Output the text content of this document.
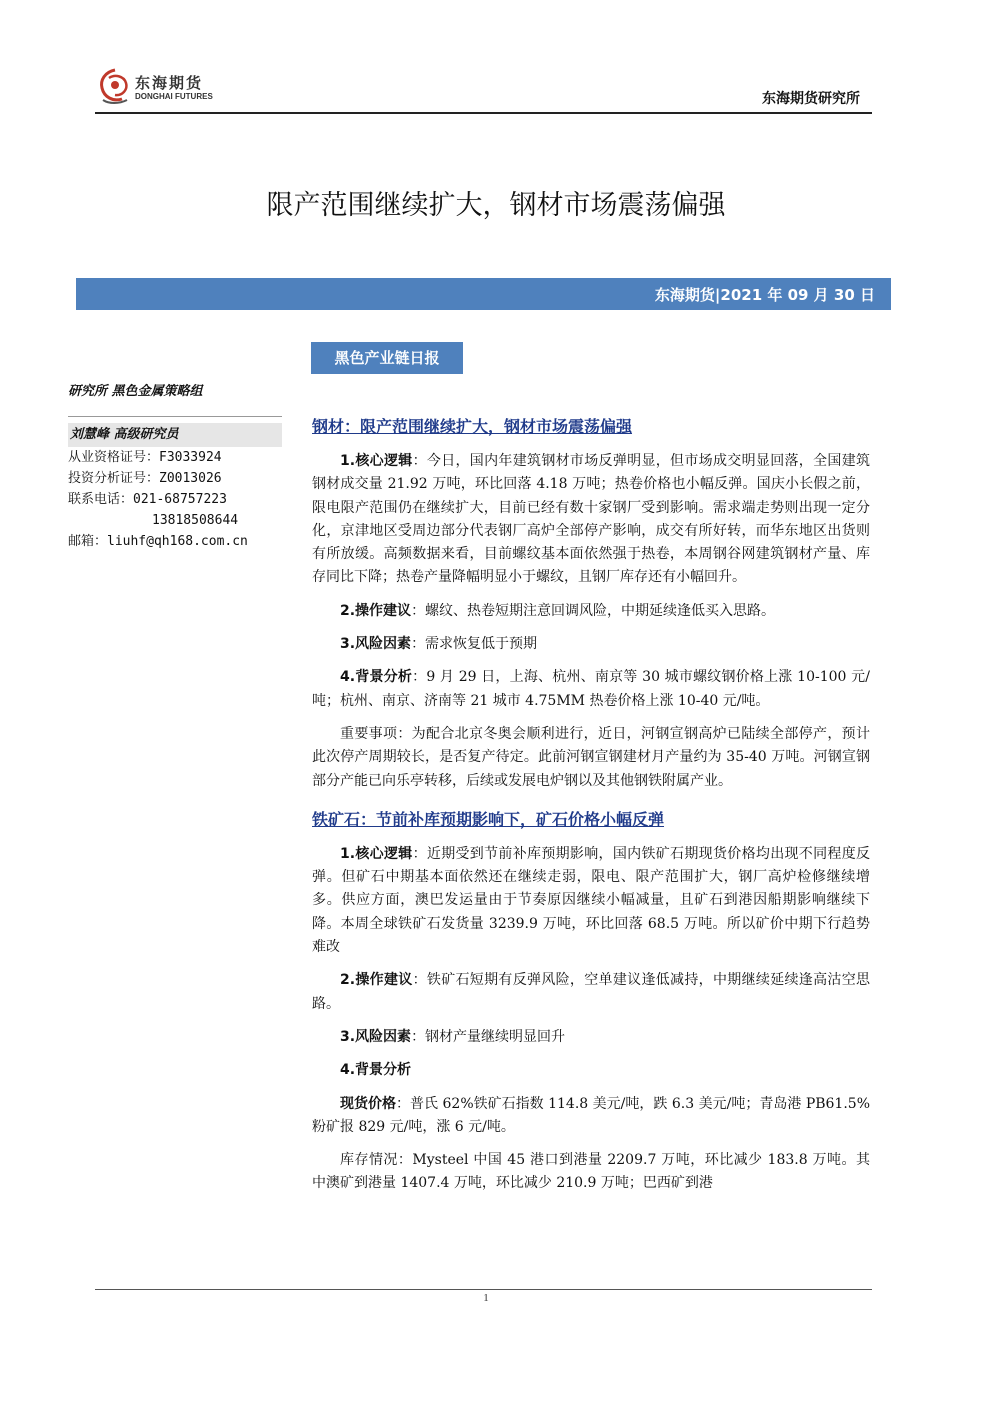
东海期货
DONGHAI FUTURES	东海期货研究所
限产范围继续扩大，钢材市场震荡偏强
东海期货|2021 年 09 月 30 日
黑色产业链日报
研究所 黑色金属策略组
刘慧峰 高级研究员
从业资格证号：F3033924
投资分析证号：Z0013026
联系电话：021-68757223
13818508644
邮箱：liuhf@qh168.com.cn
钢材：限产范围继续扩大，钢材市场震荡偏强

1.核心逻辑：今日，国内年建筑钢材市场反弹明显，但市场成交明显回落，全国建筑钢材成交量 21.92 万吨，环比回落 4.18 万吨；热卷价格也小幅反弹。国庆小长假之前，限电限产范围仍在继续扩大，目前已经有数十家钢厂受到影响。需求端走势则出现一定分化，京津地区受周边部分代表钢厂高炉全部停产影响，成交有所好转，而华东地区出货则有所放缓。高频数据来看，目前螺纹基本面依然强于热卷，本周钢谷网建筑钢材产量、库存同比下降；热卷产量降幅明显小于螺纹，且钢厂库存还有小幅回升。

2.操作建议：螺纹、热卷短期注意回调风险，中期延续逢低买入思路。

3.风险因素：需求恢复低于预期

4.背景分析：9 月 29 日，上海、杭州、南京等 30 城市螺纹钢价格上涨 10-100 元/吨；杭州、南京、济南等 21 城市 4.75MM 热卷价格上涨 10-40 元/吨。

重要事项：为配合北京冬奥会顺利进行，近日，河钢宣钢高炉已陆续全部停产，预计此次停产周期较长，是否复产待定。此前河钢宣钢建材月产量约为 35-40 万吨。河钢宣钢部分产能已向乐亭转移，后续或发展电炉钢以及其他钢铁附属产业。

铁矿石：节前补库预期影响下，矿石价格小幅反弹

1.核心逻辑：近期受到节前补库预期影响，国内铁矿石期现货价格均出现不同程度反弹。但矿石中期基本面依然还在继续走弱，限电、限产范围扩大，钢厂高炉检修继续增多。供应方面，澳巴发运量由于节奏原因继续小幅减量，且矿石到港因船期影响继续下降。本周全球铁矿石发货量 3239.9 万吨，环比回落 68.5 万吨。所以矿价中期下行趋势难改

2.操作建议：铁矿石短期有反弹风险，空单建议逢低减持，中期继续延续逢高沽空思路。

3.风险因素：钢材产量继续明显回升

4.背景分析

现货价格：普氏 62%铁矿石指数 114.8 美元/吨，跌 6.3 美元/吨；青岛港 PB61.5%粉矿报 829 元/吨，涨 6 元/吨。

库存情况：Mysteel 中国 45 港口到港量 2209.7 万吨，环比减少 183.8 万吨。其中澳矿到港量 1407.4 万吨，环比减少 210.9 万吨；巴西矿到港

1
